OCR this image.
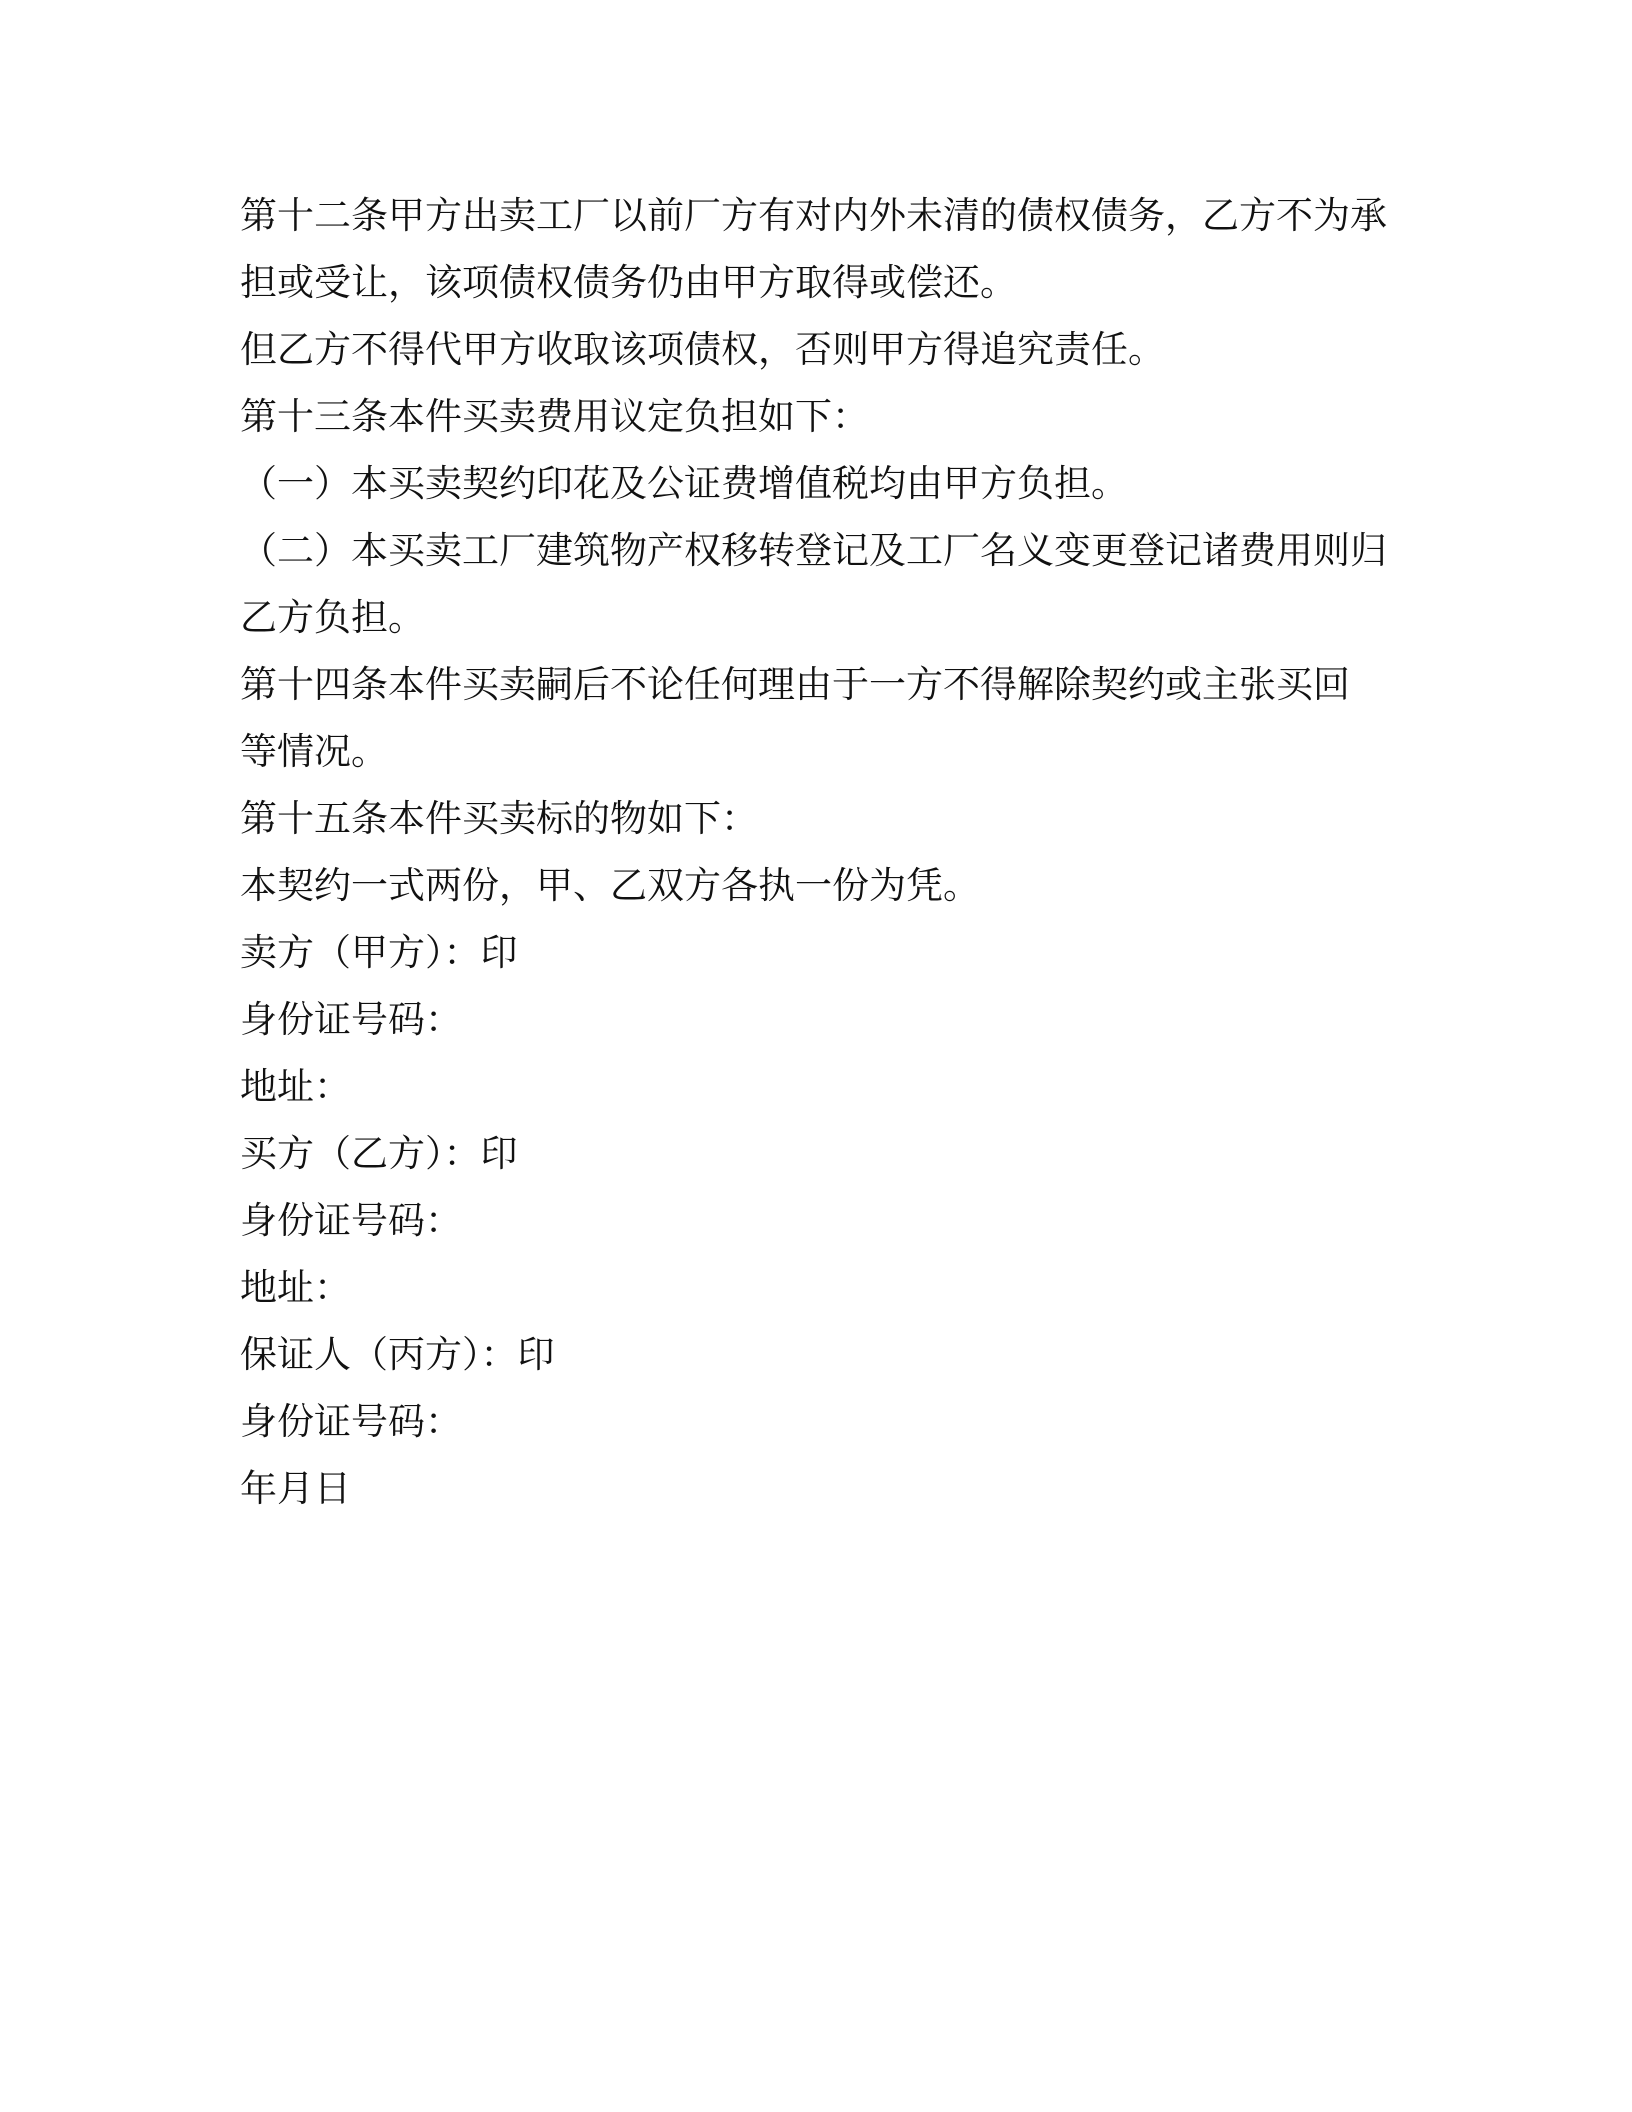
第十二条甲方出卖工厂以前厂方有对内外未清的债权债务，乙方不为承
担或受让，该项债权债务仍由甲方取得或偿还。
但乙方不得代甲方收取该项债权，否则甲方得追究责任。
第十三条本件买卖费用议定负担如下：
（一）本买卖契约印花及公证费增值税均由甲方负担。
（二）本买卖工厂建筑物产权移转登记及工厂名义变更登记诸费用则归
乙方负担。
第十四条本件买卖嗣后不论任何理由于一方不得解除契约或主张买回
等情况。
第十五条本件买卖标的物如下：
本契约一式两份，甲、乙双方各执一份为凭。
卖方（甲方）：印
身份证号码：
地址：
买方（乙方）：印
身份证号码：
地址：
保证人（丙方）：印
身份证号码：
年月日
